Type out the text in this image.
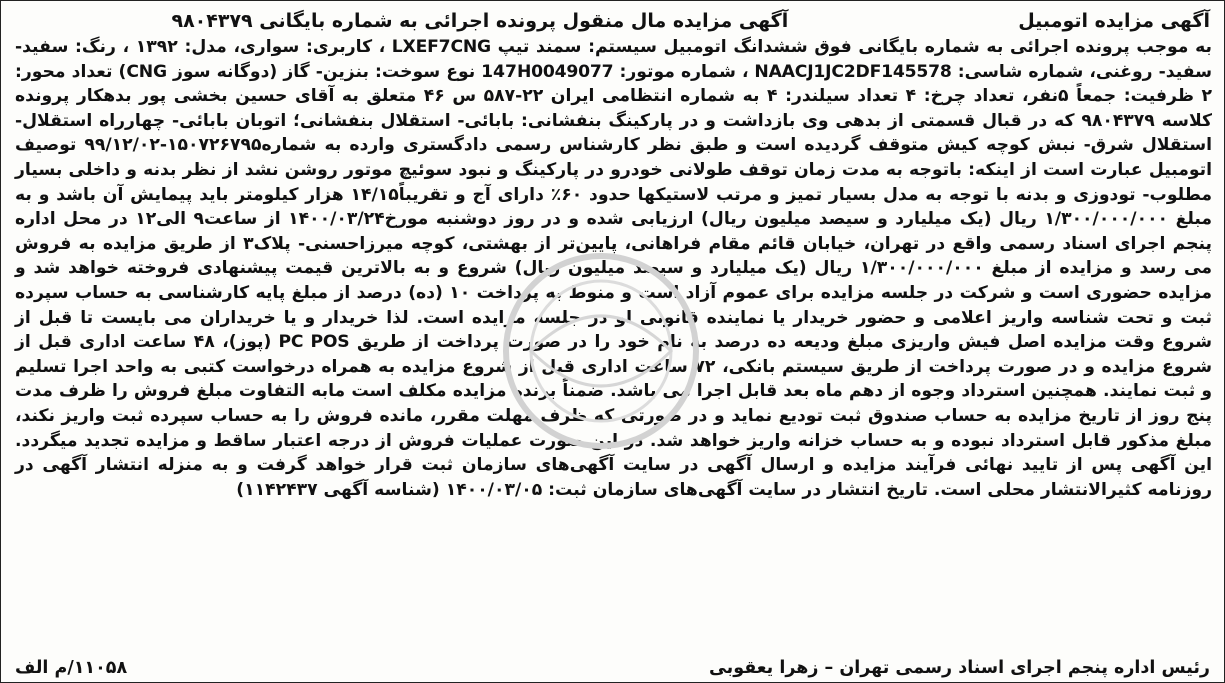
آگهی مزایده اتومبیل
آگهی مزایده مال منقول پرونده اجرائی به شماره بایگانی ۹۸۰۴۳۷۹

به موجب پرونده اجرائی به شماره بایگانی فوق ششدانگ اتومبیل سیستم: سمند تیپ LXEF7CNG ، کاربری: سواری، مدل: ۱۳۹۲ ، رنگ: سفید- سفید- روغنی، شماره شاسی: NAACJ1JC2DF145578 ، شماره موتور: 147H0049077 نوع سوخت: بنزین- گاز (دوگانه سوز CNG) تعداد محور: ۲ ظرفیت: جمعاً ۵نفر، تعداد چرخ: ۴ تعداد سیلندر: ۴ به شماره انتظامی ایران ۲۲-۵۸۷ س ۴۶ متعلق به آقای حسین بخشی پور بدهکار پرونده کلاسه ۹۸۰۴۳۷۹ که در قبال قسمتی از بدهی وی بازداشت و در پارکینگ بنفشانی: بابائی- استقلال بنفشانی؛ اتوبان بابائی- چهارراه استقلال- استقلال شرق- نبش کوچه کیش متوقف گردیده است و طبق نظر کارشناس رسمی دادگستری وارده به شماره۱۵۰۷۲۶۷۹۵-۹۹/۱۲/۰۲ توصیف اتومبیل عبارت است از اینکه: باتوجه به مدت زمان توقف طولانی خودرو در پارکینگ و نبود سوئیچ موتور روشن نشد از نظر بدنه و داخلی بسیار مطلوب- تودوزی و بدنه با توجه به مدل بسیار تمیز و مرتب لاستیکها حدود ۶۰٪ دارای آج و تقریباً۱۴/۱۵ هزار کیلومتر باید پیمایش آن باشد و به مبلغ ۱/۳۰۰/۰۰۰/۰۰۰ ریال (یک میلیارد و سیصد میلیون ریال) ارزیابی شده و در روز دوشنبه مورخ۱۴۰۰/۰۳/۲۴ از ساعت۹ الی۱۲ در محل اداره پنجم اجرای اسناد رسمی واقع در تهران، خیابان قائم مقام فراهانی، پایین‌تر از بهشتی، کوچه میرزاحسنی- پلاک۳ از طریق مزایده به فروش می رسد و مزایده از مبلغ ۱/۳۰۰/۰۰۰/۰۰۰ ریال (یک میلیارد و سیصد میلیون ریال) شروع و به بالاترین قیمت پیشنهادی فروخته خواهد شد و مزایده حضوری است و شرکت در جلسه مزایده برای عموم آزاد است و منوط به پرداخت ۱۰ (ده) درصد از مبلغ پایه کارشناسی به حساب سپرده ثبت و تحت شناسه واریز اعلامی و حضور خریدار یا نماینده قانونی او در جلسه مزایده است. لذا خریدار و یا خریداران می بایست تا قبل از شروع وقت مزایده اصل فیش واریزی مبلغ ودیعه ده درصد به نام خود را در صورت پرداخت از طریق PC POS (پوز)، ۴۸ ساعت اداری قبل از شروع مزایده و در صورت پرداخت از طریق سیستم بانکی، ۷۲ ساعت اداری قبل از شروع مزایده به همراه درخواست کتبی به واحد اجرا تسلیم و ثبت نمایند. همچنین استرداد وجوه از دهم ماه بعد قابل اجرا می باشد. ضمناً برنده مزایده مکلف است مابه التفاوت مبلغ فروش را ظرف مدت پنج روز از تاریخ مزایده به حساب صندوق ثبت تودیع نماید و در صورتی که ظرف مهلت مقرر، مانده فروش را به حساب سپرده ثبت واریز نکند، مبلغ مذکور قابل استرداد نبوده و به حساب خزانه واریز خواهد شد. در این صورت عملیات فروش از درجه اعتبار ساقط و مزایده تجدید میگردد. این آگهی پس از تایید نهائی فرآیند مزایده و ارسال آگهی در سایت آگهی‌های سازمان ثبت قرار خواهد گرفت و به منزله انتشار آگهی در روزنامه کثیرالانتشار محلی است. تاریخ انتشار در سایت آگهی‌های سازمان ثبت: ۱۴۰۰/۰۳/۰۵ (شناسه آگهی ۱۱۴۲۴۳۷)

رئیس اداره پنجم اجرای اسناد رسمی تهران – زهرا یعقوبی
۱۱۰۵۸/م الف
